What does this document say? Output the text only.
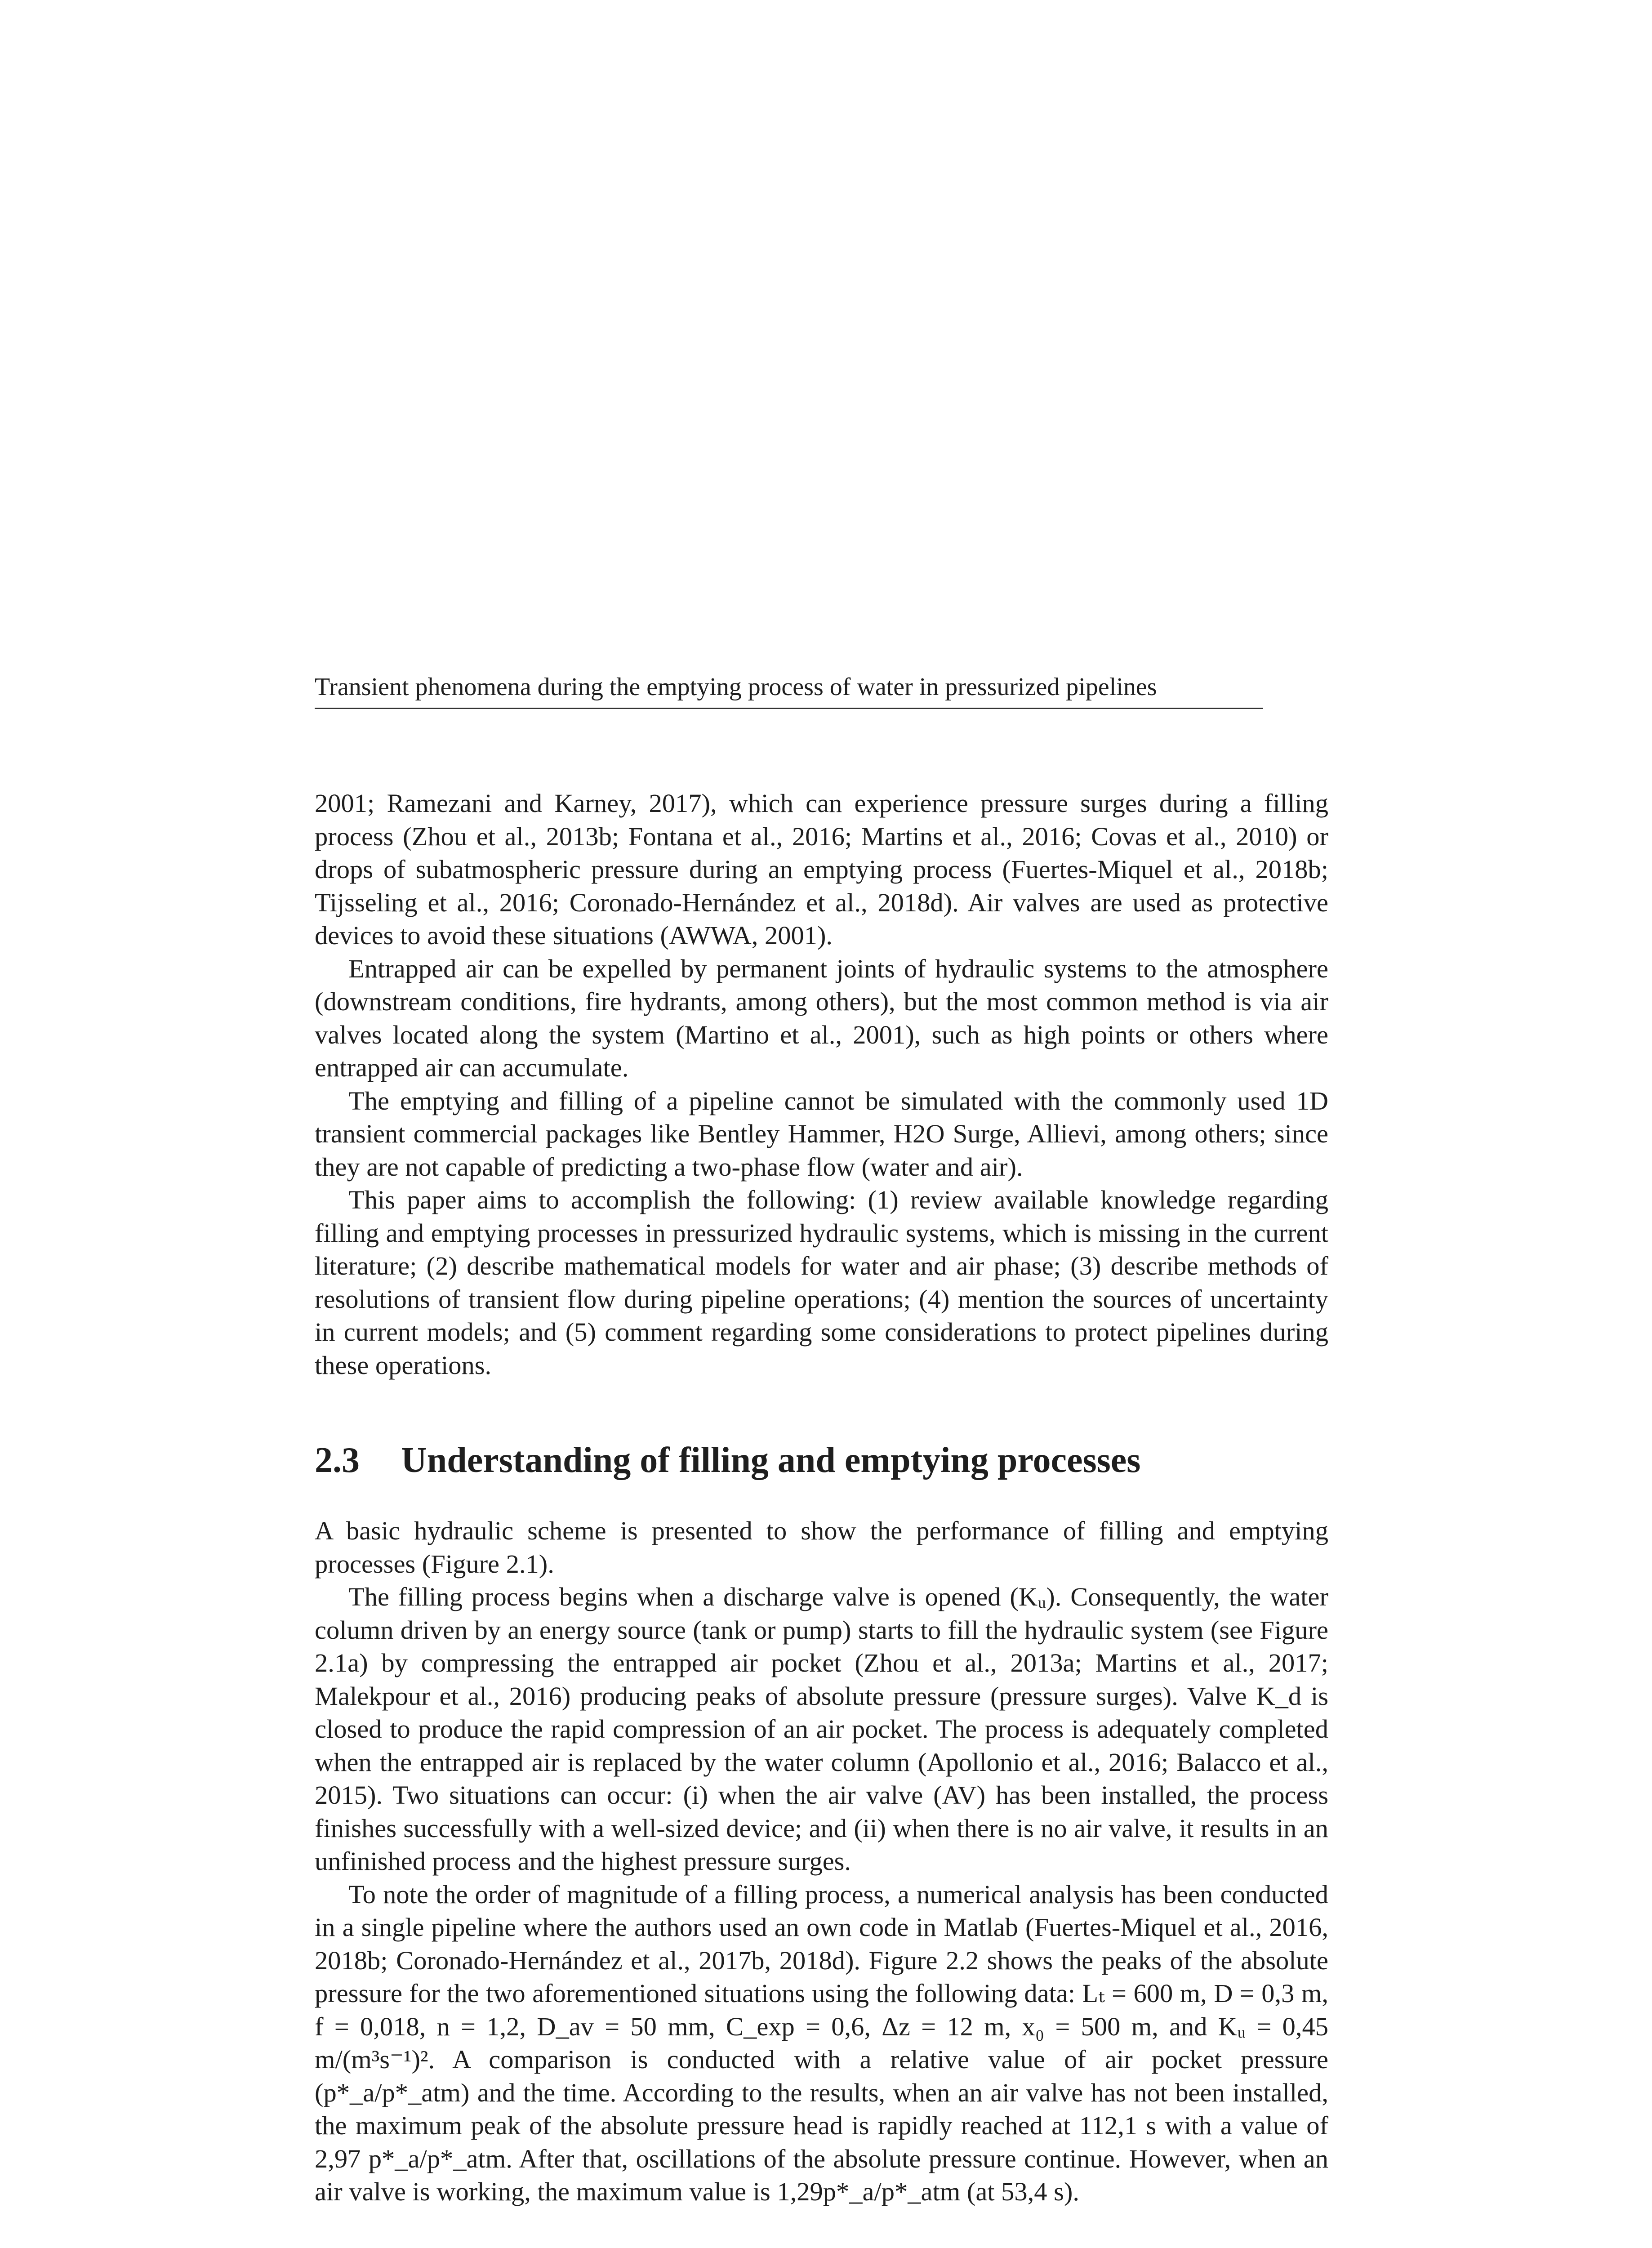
Transient phenomena during the emptying process of water in pressurized pipelines

2001; Ramezani and Karney, 2017), which can experience pressure surges during a filling process (Zhou et al., 2013b; Fontana et al., 2016; Martins et al., 2016; Covas et al., 2010) or drops of subatmospheric pressure during an emptying process (Fuertes-Miquel et al., 2018b; Tijsseling et al., 2016; Coronado-Hernández et al., 2018d). Air valves are used as protective devices to avoid these situations (AWWA, 2001).

Entrapped air can be expelled by permanent joints of hydraulic systems to the atmosphere (downstream conditions, fire hydrants, among others), but the most common method is via air valves located along the system (Martino et al., 2001), such as high points or others where entrapped air can accumulate.

The emptying and filling of a pipeline cannot be simulated with the commonly used 1D transient commercial packages like Bentley Hammer, H2O Surge, Allievi, among others; since they are not capable of predicting a two-phase flow (water and air).

This paper aims to accomplish the following: (1) review available knowledge regarding filling and emptying processes in pressurized hydraulic systems, which is missing in the current literature; (2) describe mathematical models for water and air phase; (3) describe methods of resolutions of transient flow during pipeline operations; (4) mention the sources of uncertainty in current models; and (5) comment regarding some considerations to protect pipelines during these operations.

2.3 Understanding of filling and emptying processes

A basic hydraulic scheme is presented to show the performance of filling and emptying processes (Figure 2.1).

The filling process begins when a discharge valve is opened (Kᵤ). Consequently, the water column driven by an energy source (tank or pump) starts to fill the hydraulic system (see Figure 2.1a) by compressing the entrapped air pocket (Zhou et al., 2013a; Martins et al., 2017; Malekpour et al., 2016) producing peaks of absolute pressure (pressure surges). Valve K_d is closed to produce the rapid compression of an air pocket. The process is adequately completed when the entrapped air is replaced by the water column (Apollonio et al., 2016; Balacco et al., 2015). Two situations can occur: (i) when the air valve (AV) has been installed, the process finishes successfully with a well-sized device; and (ii) when there is no air valve, it results in an unfinished process and the highest pressure surges.

To note the order of magnitude of a filling process, a numerical analysis has been conducted in a single pipeline where the authors used an own code in Matlab (Fuertes-Miquel et al., 2016, 2018b; Coronado-Hernández et al., 2017b, 2018d). Figure 2.2 shows the peaks of the absolute pressure for the two aforementioned situations using the following data: Lₜ = 600 m, D = 0,3 m, f = 0,018, n = 1,2, D_av = 50 mm, C_exp = 0,6, Δz = 12 m, x₀ = 500 m, and Kᵤ = 0,45 m/(m³s⁻¹)². A comparison is conducted with a relative value of air pocket pressure (p*_a/p*_atm) and the time. According to the results, when an air valve has not been installed, the maximum peak of the absolute pressure head is rapidly reached at 112,1 s with a value of 2,97 p*_a/p*_atm. After that, oscillations of the absolute pressure continue. However, when an air valve is working, the maximum value is 1,29p*_a/p*_atm (at 53,4 s).
